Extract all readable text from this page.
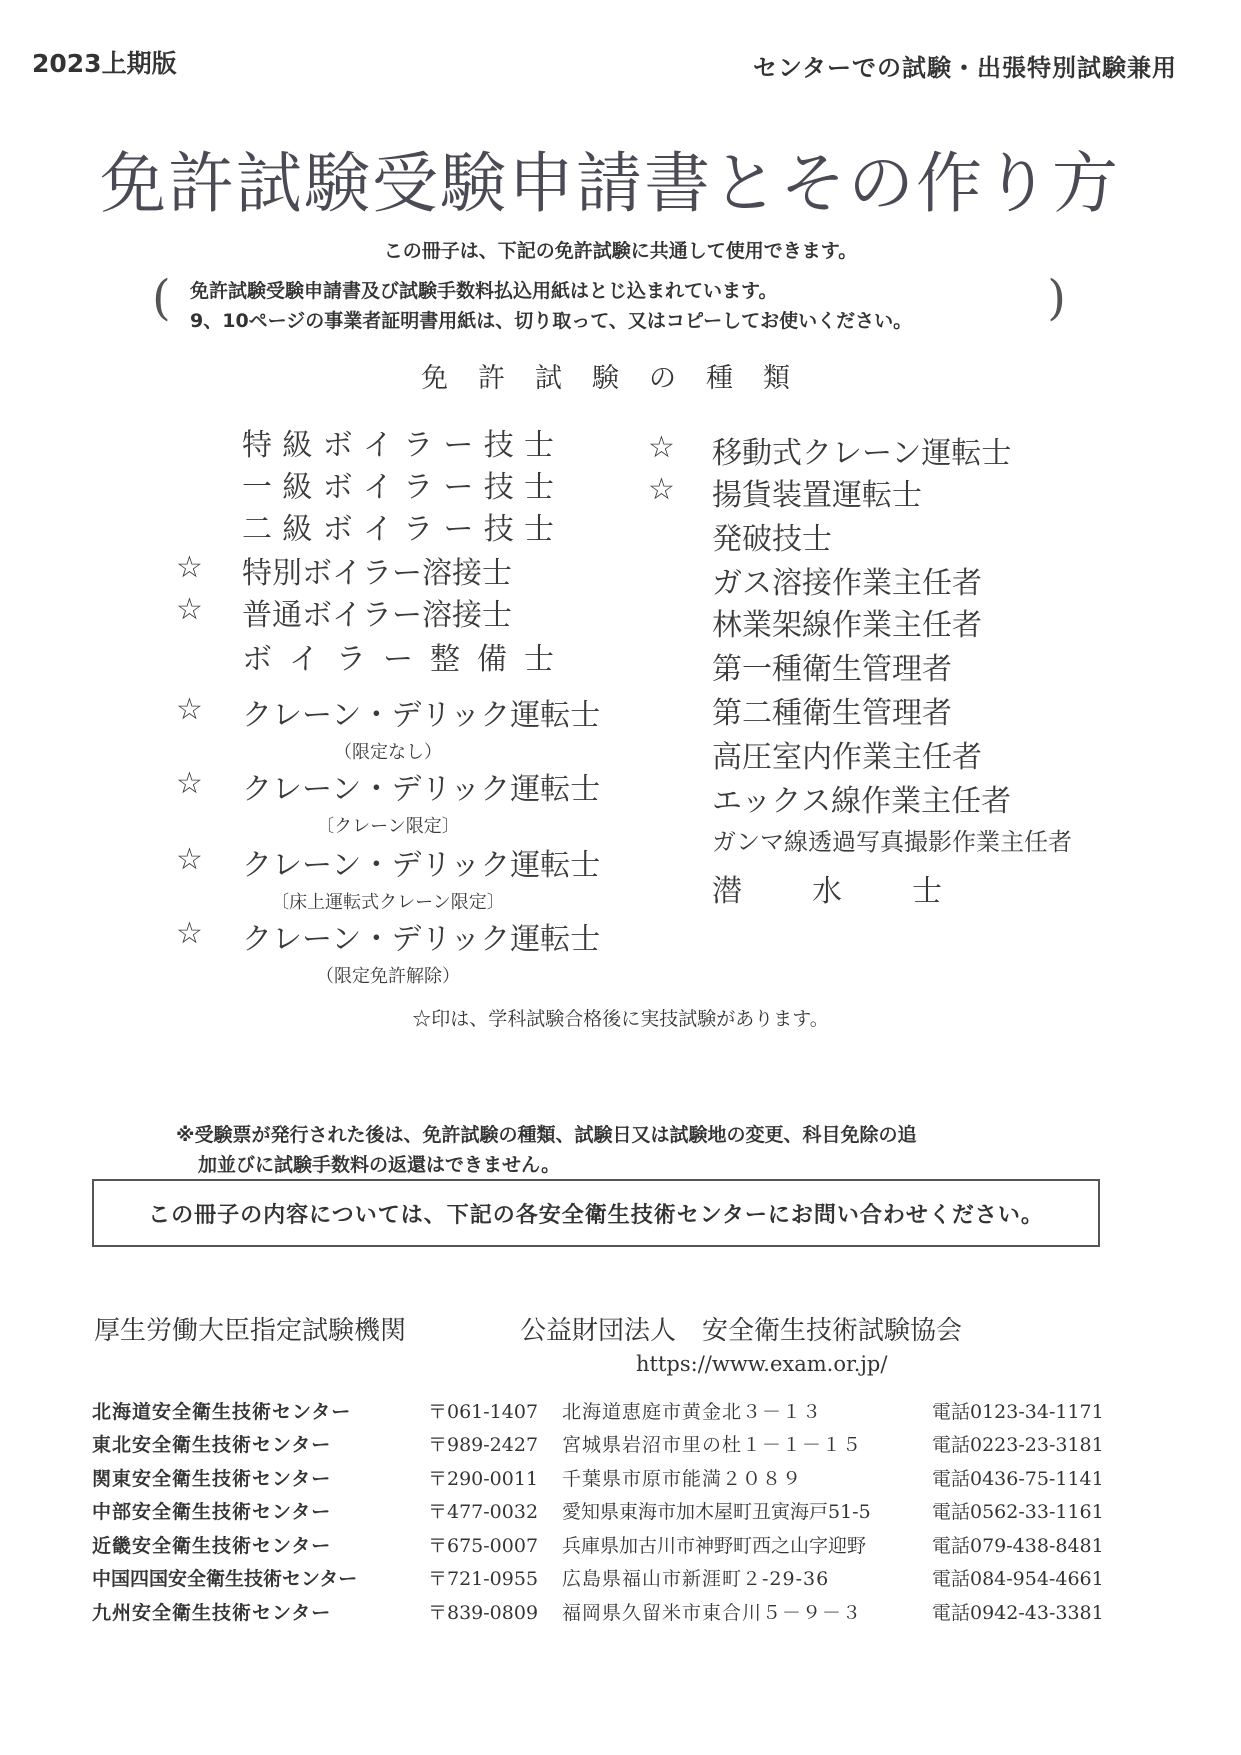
2023上期版	センターでの試験・出張特別試験兼用
免許試験受験申請書とその作り方
この冊子は、下記の免許試験に共通して使用できます。
(	免許試験受験申請書及び試験手数料払込用紙はとじ込まれています。
9、10ページの事業者証明書用紙は、切り取って、又はコピーしてお使いください。	)
免許試験の種類
特 級 ボ イ ラ ー 技 士
一 級 ボ イ ラ ー 技 士
二 級 ボ イ ラ ー 技 士
☆ 特別ボイラー溶接士
☆ 普通ボイラー溶接士
ボ イ ラ ー 整 備 士
☆ クレーン・デリック運転士
（限定なし）
☆ クレーン・デリック運転士
〔クレーン限定〕
☆ クレーン・デリック運転士
〔床上運転式クレーン限定〕
☆ クレーン・デリック運転士
（限定免許解除）
☆ 移動式クレーン運転士
☆ 揚貨装置運転士
発破技士
ガス溶接作業主任者
林業架線作業主任者
第一種衛生管理者
第二種衛生管理者
高圧室内作業主任者
エックス線作業主任者
ガンマ線透過写真撮影作業主任者
潜水士
☆印は、学科試験合格後に実技試験があります。
※受験票が発行された後は、免許試験の種類、試験日又は試験地の変更、科目免除の追
加並びに試験手数料の返還はできません。
この冊子の内容については、下記の各安全衛生技術センターにお問い合わせください。
厚生労働大臣指定試験機関	公益財団法人　安全衛生技術試験協会
https://www.exam.or.jp/
北海道安全衛生技術センター	〒061-1407	北海道恵庭市黄金北３－１３	電話0123-34-1171
東北安全衛生技術センター	〒989-2427	宮城県岩沼市里の杜１－１－１５	電話0223-23-3181
関東安全衛生技術センター	〒290-0011	千葉県市原市能満２０８９	電話0436-75-1141
中部安全衛生技術センター	〒477-0032	愛知県東海市加木屋町丑寅海戸51-5	電話0562-33-1161
近畿安全衛生技術センター	〒675-0007	兵庫県加古川市神野町西之山字迎野	電話079-438-8481
中国四国安全衛生技術センター	〒721-0955	広島県福山市新涯町２-29-36	電話084-954-4661
九州安全衛生技術センター	〒839-0809	福岡県久留米市東合川５－９－３	電話0942-43-3381
